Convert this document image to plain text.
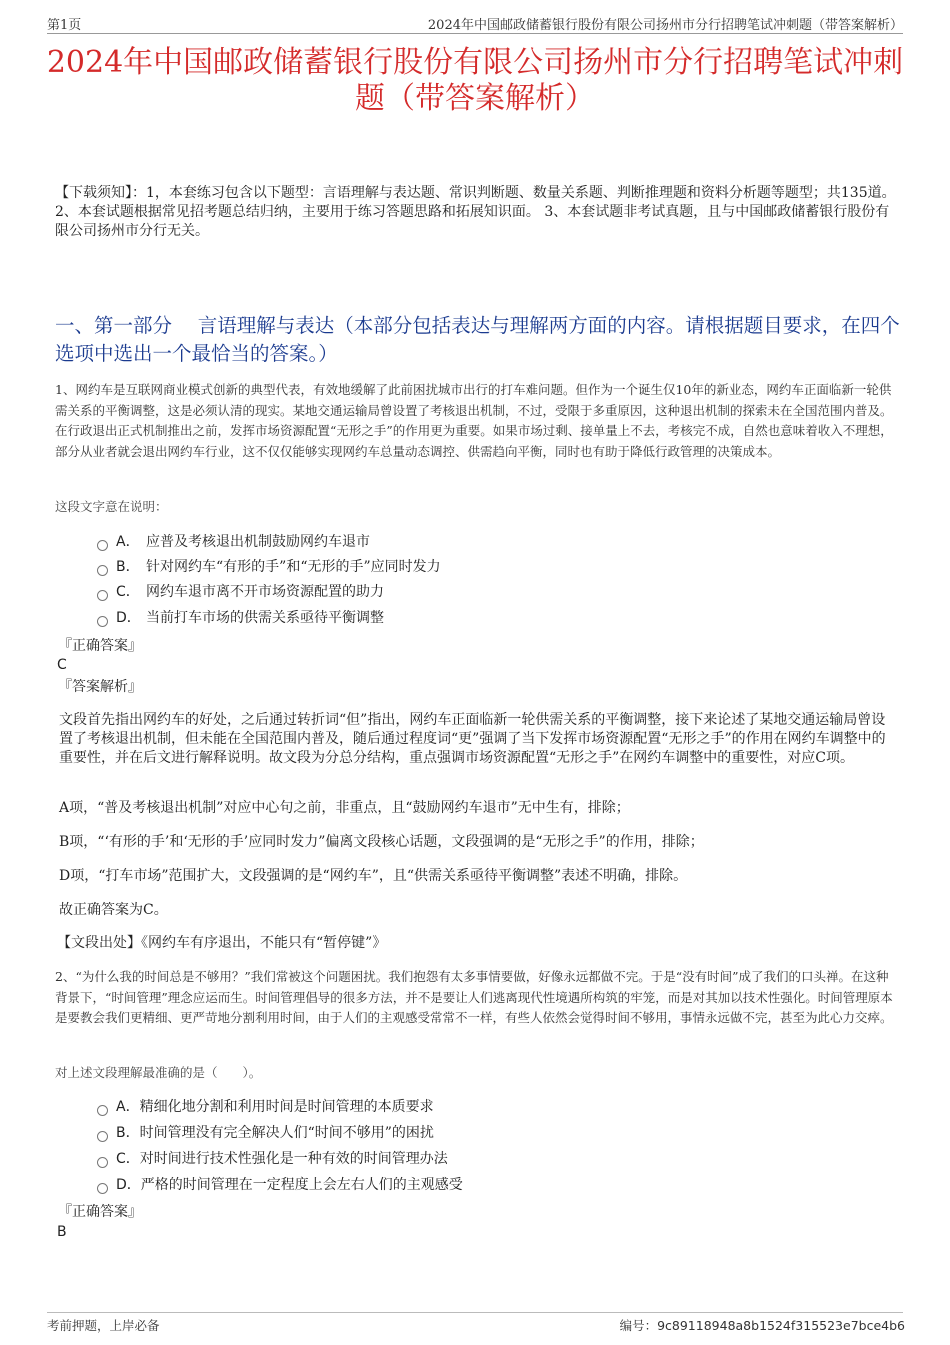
第1页	2024年中国邮政储蓄银行股份有限公司扬州市分行招聘笔试冲刺题（带答案解析）
2024年中国邮政储蓄银行股份有限公司扬州市分行招聘笔试冲刺题（带答案解析）

【下载须知】：1，本套练习包含以下题型：言语理解与表达题、常识判断题、数量关系题、判断推理题和资料分析题等题型；共135道。 2、本套试题根据常见招考题总结归纳，主要用于练习答题思路和拓展知识面。 3、本套试题非考试真题，且与中国邮政储蓄银行股份有限公司扬州市分行无关。

一、第一部分　 言语理解与表达（本部分包括表达与理解两方面的内容。请根据题目要求，在四个选项中选出一个最恰当的答案。）

1、网约车是互联网商业模式创新的典型代表，有效地缓解了此前困扰城市出行的打车难问题。但作为一个诞生仅10年的新业态，网约车正面临新一轮供需关系的平衡调整，这是必须认清的现实。某地交通运输局曾设置了考核退出机制，不过，受限于多重原因，这种退出机制的探索未在全国范围内普及。在行政退出正式机制推出之前，发挥市场资源配置“无形之手”的作用更为重要。如果市场过剩、接单量上不去，考核完不成，自然也意味着收入不理想，部分从业者就会退出网约车行业，这不仅仅能够实现网约车总量动态调控、供需趋向平衡，同时也有助于降低行政管理的决策成本。

这段文字意在说明：

A． 应普及考核退出机制鼓励网约车退市
B． 针对网约车“有形的手”和“无形的手”应同时发力
C． 网约车退市离不开市场资源配置的助力
D． 当前打车市场的供需关系亟待平衡调整

『正确答案』

C

『答案解析』

文段首先指出网约车的好处，之后通过转折词“但”指出，网约车正面临新一轮供需关系的平衡调整，接下来论述了某地交通运输局曾设置了考核退出机制，但未能在全国范围内普及，随后通过程度词“更”强调了当下发挥市场资源配置“无形之手”的作用在网约车调整中的重要性，并在后文进行解释说明。故文段为分总分结构，重点强调市场资源配置“无形之手”在网约车调整中的重要性，对应C项。

A项，“普及考核退出机制”对应中心句之前，非重点，且“鼓励网约车退市”无中生有，排除；

B项，“‘有形的手’和‘无形的手’应同时发力”偏离文段核心话题，文段强调的是“无形之手”的作用，排除；

D项，“打车市场”范围扩大，文段强调的是“网约车”，且“供需关系亟待平衡调整”表述不明确，排除。

故正确答案为C。

【文段出处】《网约车有序退出，不能只有“暂停键”》

2、“为什么我的时间总是不够用？”我们常被这个问题困扰。我们抱怨有太多事情要做，好像永远都做不完。于是“没有时间”成了我们的口头禅。在这种背景下，“时间管理”理念应运而生。时间管理倡导的很多方法，并不是要让人们逃离现代性境遇所构筑的牢笼，而是对其加以技术性强化。时间管理原本是要教会我们更精细、更严苛地分割利用时间，由于人们的主观感受常常不一样，有些人依然会觉得时间不够用，事情永远做不完，甚至为此心力交瘁。

对上述文段理解最准确的是（　　）。

A． 精细化地分割和利用时间是时间管理的本质要求
B． 时间管理没有完全解决人们“时间不够用”的困扰
C． 对时间进行技术性强化是一种有效的时间管理办法
D． 严格的时间管理在一定程度上会左右人们的主观感受

『正确答案』

B

考前押题，上岸必备	编号：9c89118948a8b1524f315523e7bce4b6
